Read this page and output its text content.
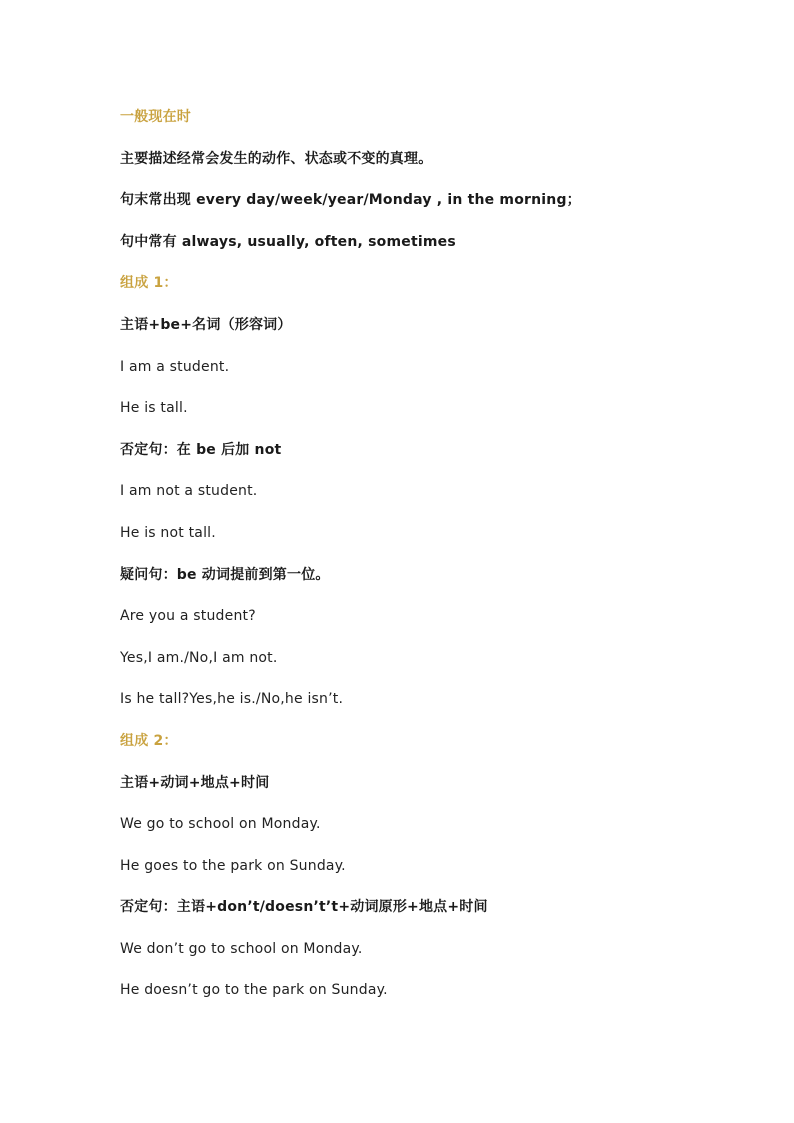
一般现在时
主要描述经常会发生的动作、状态或不变的真理。
句末常出现 every day/week/year/Monday , in the morning；
句中常有 always, usually, often, sometimes
组成 1：
主语+be+名词（形容词）
I am a student.
He is tall.
否定句：在 be 后加 not
I am not a student.
He is not tall.
疑问句：be 动词提前到第一位。
Are you a student?
Yes,I am./No,I am not.
Is he tall?Yes,he is./No,he isn’t.
组成 2：
主语+动词+地点+时间
We go to school on Monday.
He goes to the park on Sunday.
否定句：主语+don’t/doesn’t’t+动词原形+地点+时间
We don’t go to school on Monday.
He doesn’t go to the park on Sunday.
